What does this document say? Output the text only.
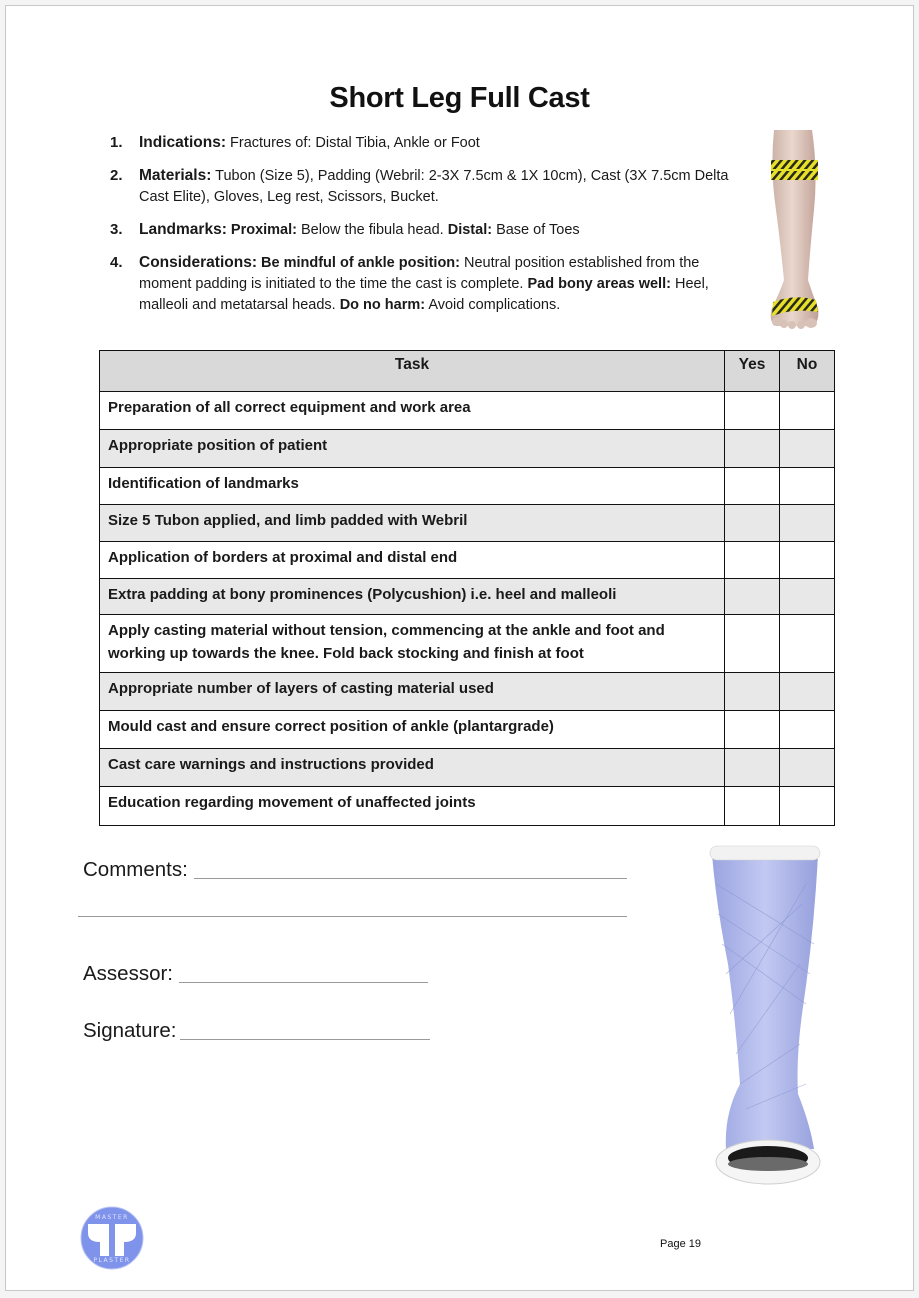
Short Leg Full Cast
1. Indications: Fractures of: Distal Tibia, Ankle or Foot
2. Materials: Tubon (Size 5), Padding (Webril: 2-3X 7.5cm & 1X 10cm), Cast (3X 7.5cm Delta Cast Elite), Gloves, Leg rest, Scissors, Bucket.
3. Landmarks: Proximal: Below the fibula head. Distal: Base of Toes
4. Considerations: Be mindful of ankle position: Neutral position established from the moment padding is initiated to the time the cast is complete. Pad bony areas well: Heel, malleoli and metatarsal heads. Do no harm: Avoid complications.
Task	Yes	No
Preparation of all correct equipment and work area		
Appropriate position of patient		
Identification of landmarks		
Size 5 Tubon applied, and limb padded with Webril		
Application of borders at proximal and distal end		
Extra padding at bony prominences (Polycushion) i.e. heel and malleoli		
Apply casting material without tension, commencing at the ankle and foot and working up towards the knee. Fold back stocking and finish at foot		
Appropriate number of layers of casting material used		
Mould cast and ensure correct position of ankle (plantargrade)		
Cast care warnings and instructions provided		
Education regarding movement of unaffected joints		
Comments:
Assessor:
Signature:
MASTER
PLASTER
Page 19
